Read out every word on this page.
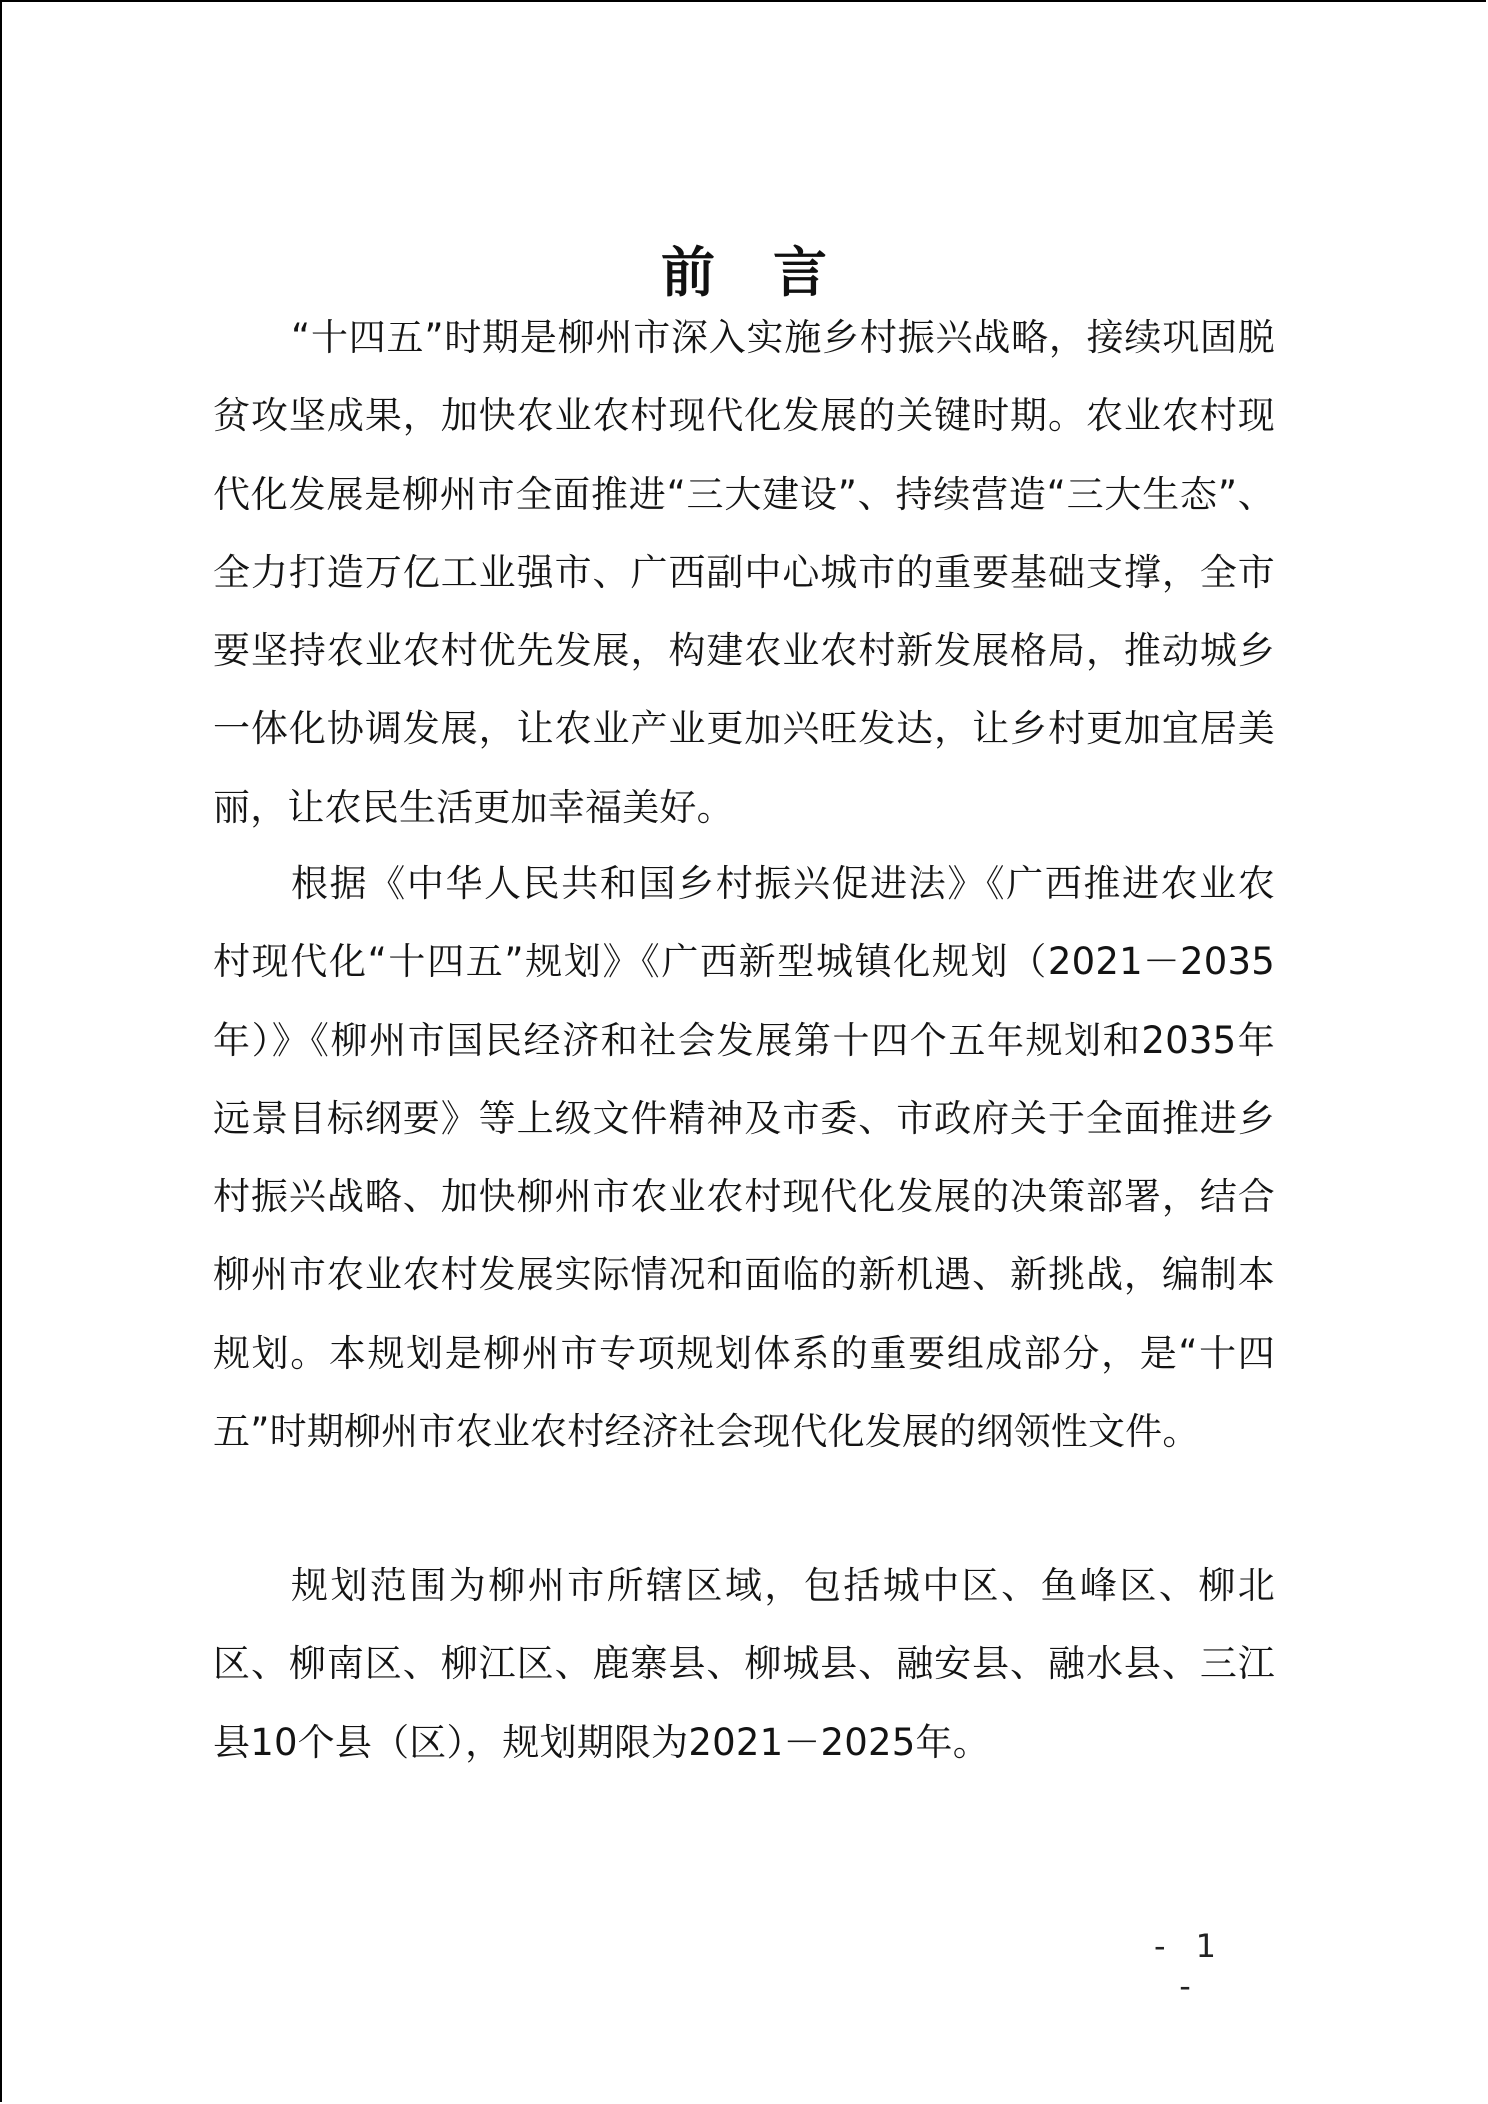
前言

“十四五”时期是柳州市深入实施乡村振兴战略，接续巩固脱贫攻坚成果，加快农业农村现代化发展的关键时期。农业农村现代化发展是柳州市全面推进“三大建设”、持续营造“三大生态”、全力打造万亿工业强市、广西副中心城市的重要基础支撑，全市要坚持农业农村优先发展，构建农业农村新发展格局，推动城乡一体化协调发展，让农业产业更加兴旺发达，让乡村更加宜居美丽，让农民生活更加幸福美好。

根据《中华人民共和国乡村振兴促进法》《广西推进农业农村现代化“十四五”规划》《广西新型城镇化规划（2021－2035年）》《柳州市国民经济和社会发展第十四个五年规划和2035年远景目标纲要》等上级文件精神及市委、市政府关于全面推进乡村振兴战略、加快柳州市农业农村现代化发展的决策部署，结合柳州市农业农村发展实际情况和面临的新机遇、新挑战，编制本规划。本规划是柳州市专项规划体系的重要组成部分，是“十四五”时期柳州市农业农村经济社会现代化发展的纲领性文件。

规划范围为柳州市所辖区域，包括城中区、鱼峰区、柳北区、柳南区、柳江区、鹿寨县、柳城县、融安县、融水县、三江县10个县（区），规划期限为2021－2025年。

- 1 -
